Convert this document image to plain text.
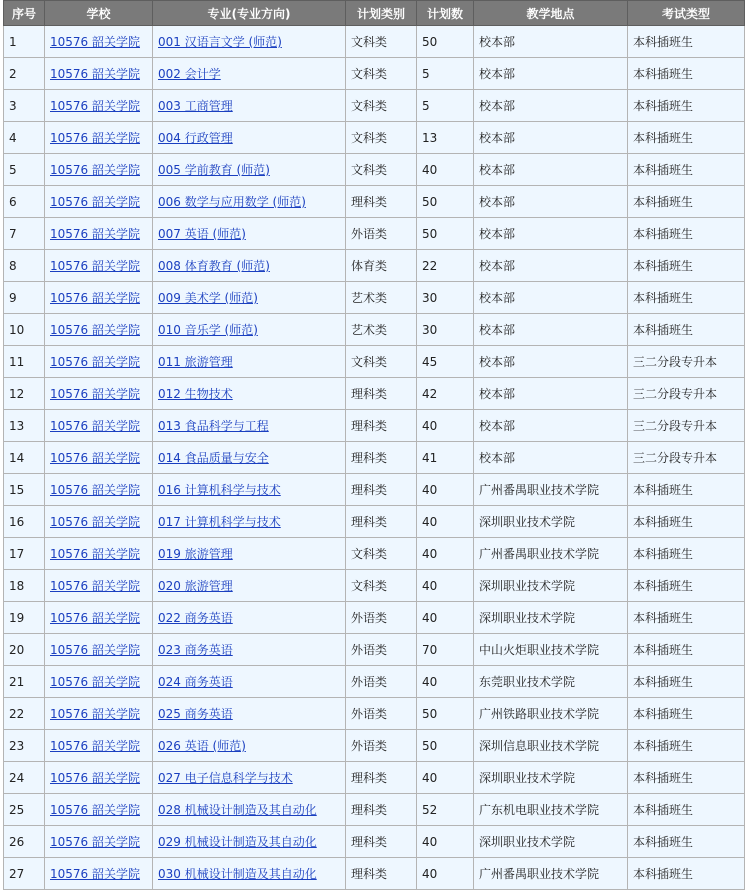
序号	学校	专业(专业方向)	计划类别	计划数	教学地点	考试类型
1	10576 韶关学院	001 汉语言文学 (师范)	文科类	50	校本部	本科插班生
2	10576 韶关学院	002 会计学	文科类	5	校本部	本科插班生
3	10576 韶关学院	003 工商管理	文科类	5	校本部	本科插班生
4	10576 韶关学院	004 行政管理	文科类	13	校本部	本科插班生
5	10576 韶关学院	005 学前教育 (师范)	文科类	40	校本部	本科插班生
6	10576 韶关学院	006 数学与应用数学 (师范)	理科类	50	校本部	本科插班生
7	10576 韶关学院	007 英语 (师范)	外语类	50	校本部	本科插班生
8	10576 韶关学院	008 体育教育 (师范)	体育类	22	校本部	本科插班生
9	10576 韶关学院	009 美术学 (师范)	艺术类	30	校本部	本科插班生
10	10576 韶关学院	010 音乐学 (师范)	艺术类	30	校本部	本科插班生
11	10576 韶关学院	011 旅游管理	文科类	45	校本部	三二分段专升本
12	10576 韶关学院	012 生物技术	理科类	42	校本部	三二分段专升本
13	10576 韶关学院	013 食品科学与工程	理科类	40	校本部	三二分段专升本
14	10576 韶关学院	014 食品质量与安全	理科类	41	校本部	三二分段专升本
15	10576 韶关学院	016 计算机科学与技术	理科类	40	广州番禺职业技术学院	本科插班生
16	10576 韶关学院	017 计算机科学与技术	理科类	40	深圳职业技术学院	本科插班生
17	10576 韶关学院	019 旅游管理	文科类	40	广州番禺职业技术学院	本科插班生
18	10576 韶关学院	020 旅游管理	文科类	40	深圳职业技术学院	本科插班生
19	10576 韶关学院	022 商务英语	外语类	40	深圳职业技术学院	本科插班生
20	10576 韶关学院	023 商务英语	外语类	70	中山火炬职业技术学院	本科插班生
21	10576 韶关学院	024 商务英语	外语类	40	东莞职业技术学院	本科插班生
22	10576 韶关学院	025 商务英语	外语类	50	广州铁路职业技术学院	本科插班生
23	10576 韶关学院	026 英语 (师范)	外语类	50	深圳信息职业技术学院	本科插班生
24	10576 韶关学院	027 电子信息科学与技术	理科类	40	深圳职业技术学院	本科插班生
25	10576 韶关学院	028 机械设计制造及其自动化	理科类	52	广东机电职业技术学院	本科插班生
26	10576 韶关学院	029 机械设计制造及其自动化	理科类	40	深圳职业技术学院	本科插班生
27	10576 韶关学院	030 机械设计制造及其自动化	理科类	40	广州番禺职业技术学院	本科插班生
